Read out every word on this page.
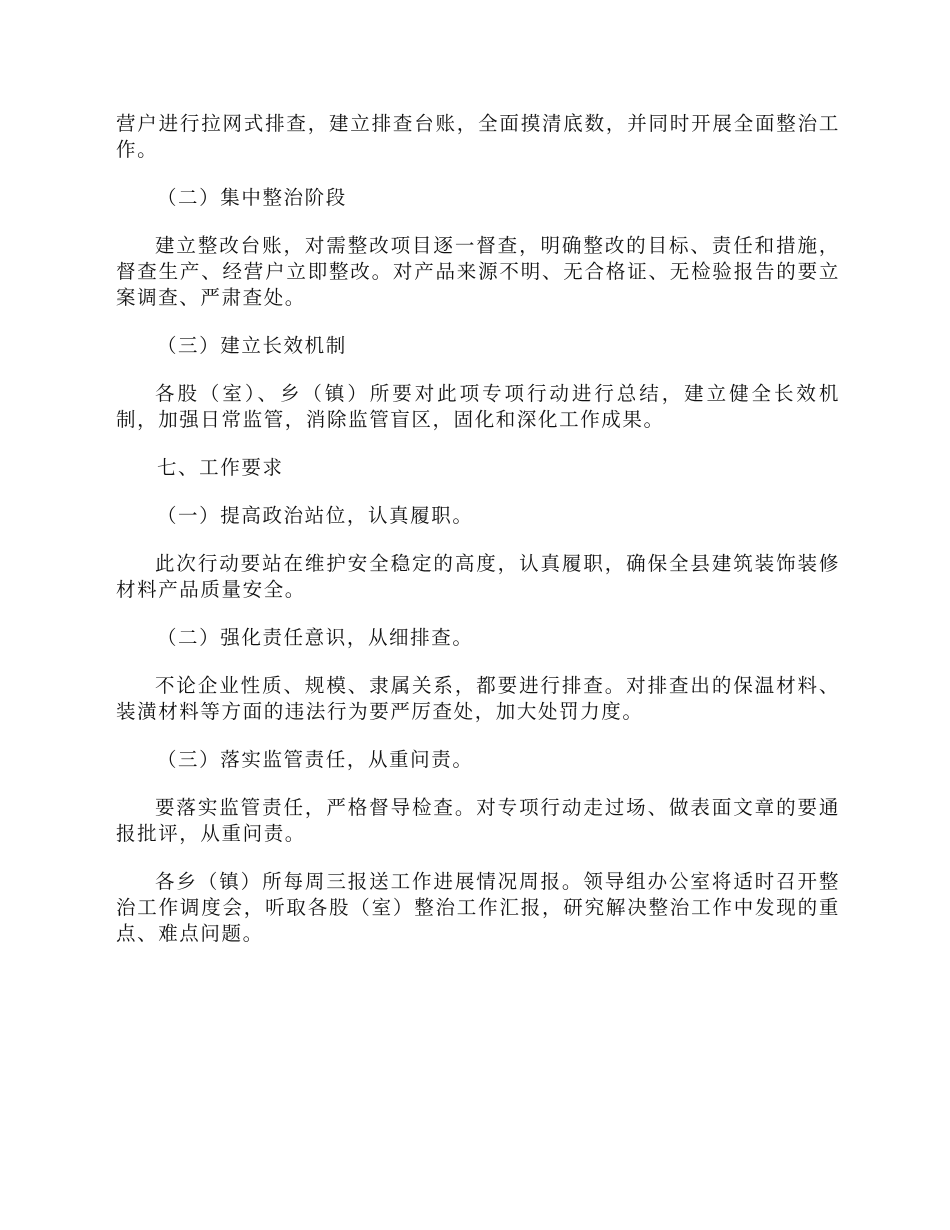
营户进行拉网式排查，建立排查台账，全面摸清底数，并同时开展全面整治工作。

（二）集中整治阶段

建立整改台账，对需整改项目逐一督查，明确整改的目标、责任和措施，督查生产、经营户立即整改。对产品来源不明、无合格证、无检验报告的要立案调查、严肃查处。

（三）建立长效机制

各股（室）、乡（镇）所要对此项专项行动进行总结，建立健全长效机制，加强日常监管，消除监管盲区，固化和深化工作成果。

七、工作要求

（一）提高政治站位，认真履职。

此次行动要站在维护安全稳定的高度，认真履职，确保全县建筑装饰装修材料产品质量安全。

（二）强化责任意识，从细排查。

不论企业性质、规模、隶属关系，都要进行排查。对排查出的保温材料、装潢材料等方面的违法行为要严厉查处，加大处罚力度。

（三）落实监管责任，从重问责。

要落实监管责任，严格督导检查。对专项行动走过场、做表面文章的要通报批评，从重问责。

各乡（镇）所每周三报送工作进展情况周报。领导组办公室将适时召开整治工作调度会，听取各股（室）整治工作汇报，研究解决整治工作中发现的重点、难点问题。
